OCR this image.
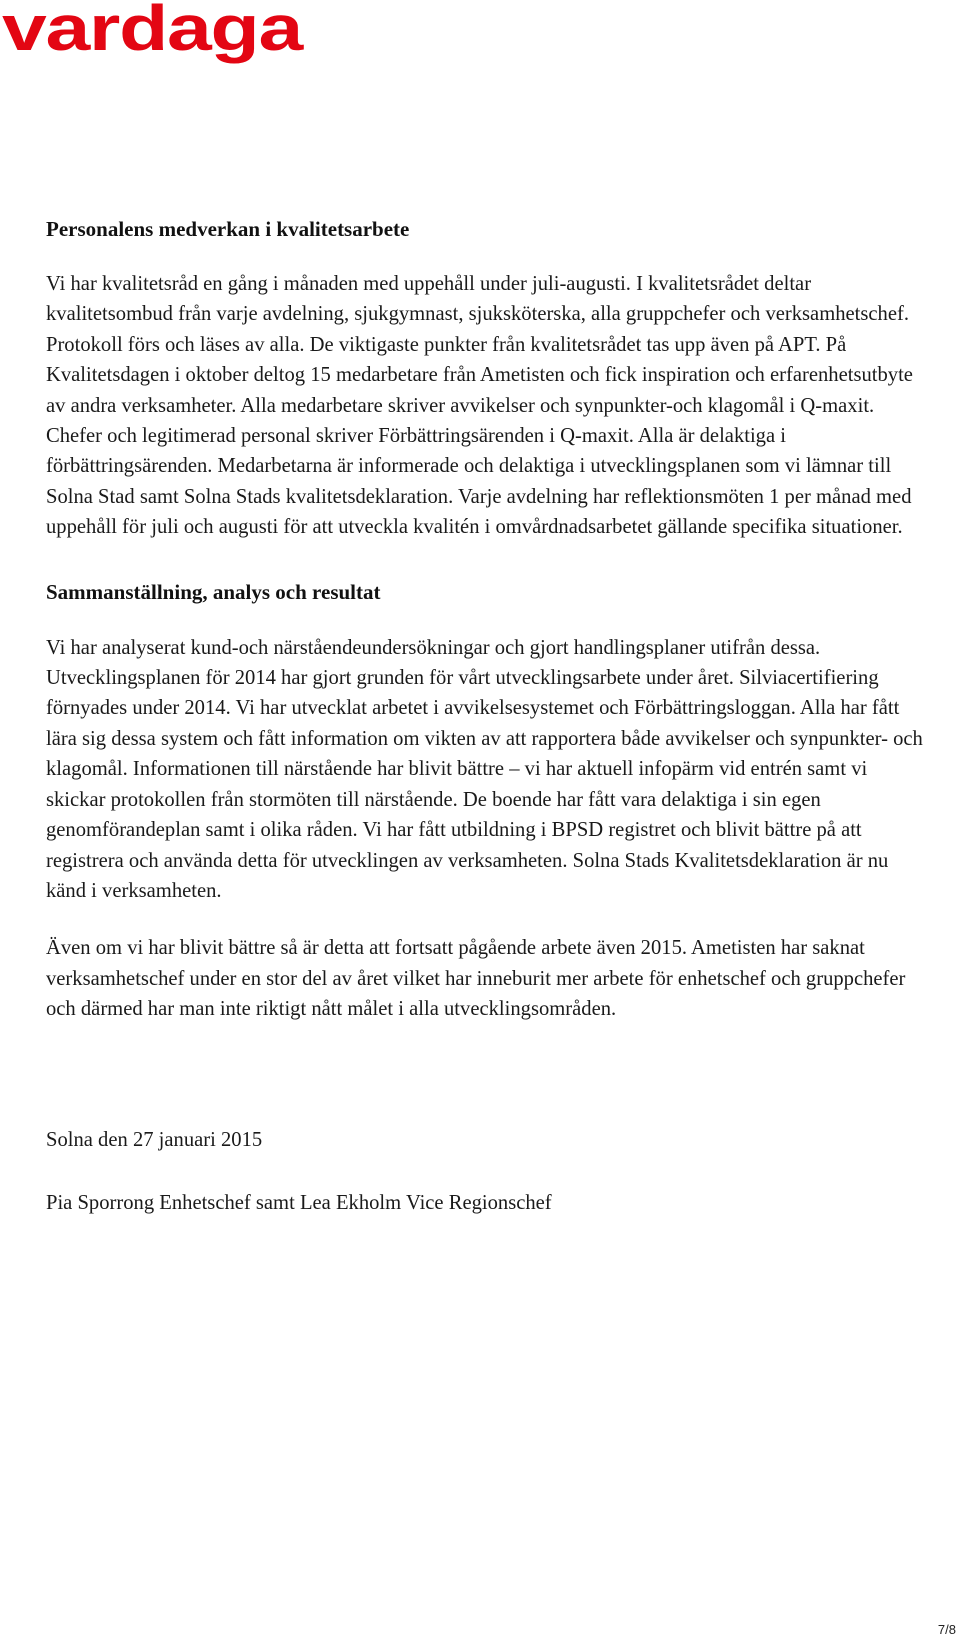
vardaga
Personalens medverkan i kvalitetsarbete

Vi har kvalitetsråd en gång i månaden med uppehåll under juli-augusti. I kvalitetsrådet deltar kvalitetsombud från varje avdelning, sjukgymnast, sjuksköterska, alla gruppchefer och verksamhetschef. Protokoll förs och läses av alla. De viktigaste punkter från kvalitetsrådet tas upp även på APT. På Kvalitetsdagen i oktober deltog 15 medarbetare från Ametisten och fick inspiration och erfarenhetsutbyte av andra verksamheter. Alla medarbetare skriver avvikelser och synpunkter-och klagomål i Q-maxit. Chefer och legitimerad personal skriver Förbättringsärenden i Q-maxit. Alla är delaktiga i förbättringsärenden. Medarbetarna är informerade och delaktiga i utvecklingsplanen som vi lämnar till Solna Stad samt Solna Stads kvalitetsdeklaration. Varje avdelning har reflektionsmöten 1 per månad med uppehåll för juli och augusti för att utveckla kvalitén i omvårdnadsarbetet gällande specifika situationer.

Sammanställning, analys och resultat

Vi har analyserat kund-och närståendeundersökningar och gjort handlingsplaner utifrån dessa. Utvecklingsplanen för 2014 har gjort grunden för vårt utvecklingsarbete under året. Silviacertifiering förnyades under 2014. Vi har utvecklat arbetet i avvikelsesystemet och Förbättringsloggan. Alla har fått lära sig dessa system och fått information om vikten av att rapportera både avvikelser och synpunkter- och klagomål. Informationen till närstående har blivit bättre – vi har aktuell infopärm vid entrén samt vi skickar protokollen från stormöten till närstående. De boende har fått vara delaktiga i sin egen genomförandeplan samt i olika råden. Vi har fått utbildning i BPSD registret och blivit bättre på att registrera och använda detta för utvecklingen av verksamheten. Solna Stads Kvalitetsdeklaration är nu känd i verksamheten.

Även om vi har blivit bättre så är detta att fortsatt pågående arbete även 2015. Ametisten har saknat verksamhetschef under en stor del av året vilket har inneburit mer arbete för enhetschef och gruppchefer och därmed har man inte riktigt nått målet i alla utvecklingsområden.

Solna den 27 januari 2015

Pia Sporrong Enhetschef samt Lea Ekholm Vice Regionschef

7/8
